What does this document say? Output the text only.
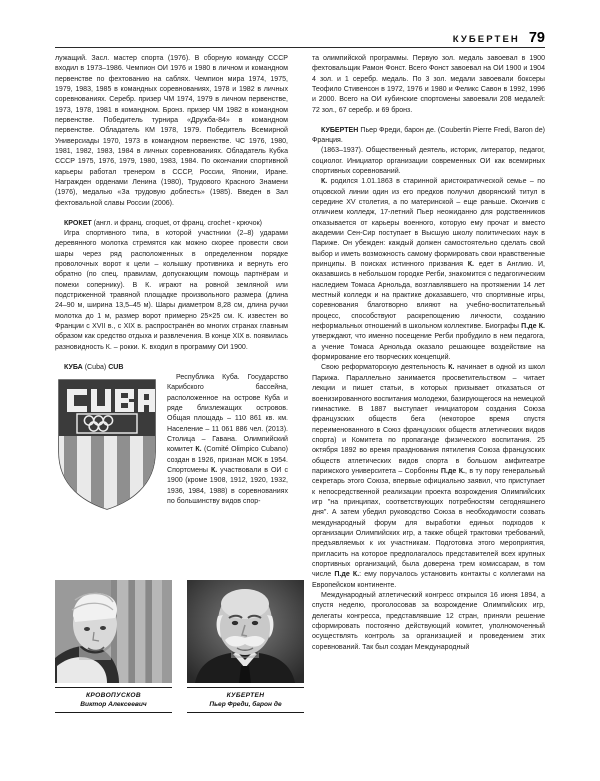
КУБЕРТЕН 79

лужащий. Засл. мастер спорта (1976). В сборную команду СССР входил в 1973–1986. Чемпион ОИ 1976 и 1980 в личном и командном первенстве по фехтованию на саблях. Чемпион мира 1974, 1975, 1979, 1983, 1985 в командных соревнованиях, 1978 и 1982 в личных соревнованиях. Серебр. призер ЧМ 1974, 1979 в личном первенстве, 1973, 1978, 1981 в командном. Бронз. призер ЧМ 1982 в командном первенстве. Победитель турнира «Дружба-84» в командном первенстве. Обладатель КМ 1978, 1979. Победитель Всемирной Универсиады 1970, 1973 в командном первенстве. ЧС 1976, 1980, 1981, 1982, 1983, 1984 в личных соревнованиях. Обладатель Кубка СССР 1975, 1976, 1979, 1980, 1983, 1984. По окончании спортивной карьеры работал тренером в СССР, России, Японии, Иране. Награжден орденами Ленина (1980), Трудового Красного Знамени (1976), медалью «За трудовую доблесть» (1985). Введен в Зал фехтовальной славы России (2006).

КРОКЕТ (англ. и франц. croquet, от франц. crochet - крючок)

Игра спортивного типа, в которой участники (2–8) ударами деревянного молотка стремятся как можно скорее провести свои шары через ряд расположенных в определенном порядке проволочных ворот к цели – колышку противника и вернуть его обратно (по спец. правилам, допускающим помощь партнёрам и помехи сопернику). В К. играют на ровной земляной или подстриженной травяной площадке произвольного размера (длина 24–90 м, ширина 13,5–45 м). Шары диаметром 8,28 см, длина ручки молотка до 1 м, размер ворот примерно 25×25 см. К. известен во Франции с XVII в., с XIX в. распространён во многих странах главным образом как средство отдыха и развлечения. В конце XIX в. появилась разновидность К. – рокки. К. входил в программу ОИ 1900.

КУБА (Cuba) CUB

Республика Куба. Государство Карибского бассейна, расположенное на острове Куба и ряде близлежащих островов. Общая площадь – 110 861 кв. км. Население – 11 061 886 чел. (2013). Столица – Гавана. Олимпийский комитет К. (Comité Olimpico Cubano) создан в 1926, признан МОК в 1954. Спортсмены К. участвовали в ОИ с 1900 (кроме 1908, 1912, 1920, 1932, 1936, 1984, 1988) в соревнованиях по большинству видов спор-

та олимпийской программы. Первую зол. медаль завоевал в 1900 фехтовальщик Рамон Фонст. Всего Фонст завоевал на ОИ 1900 и 1904 4 зол. и 1 серебр. медаль. По 3 зол. медали завоевали боксеры Теофило Стивенсон в 1972, 1976 и 1980 и Феликс Савон в 1992, 1996 и 2000. Всего на ОИ кубинские спортсмены завоевали 208 медалей: 72 зол., 67 серебр. и 69 бронз.

КУБЕРТЕН Пьер Фреди, барон де. (Coubertin Pierre Fredi, Baron de) Франция.

(1863–1937). Общественный деятель, историк, литератор, педагог, социолог. Инициатор организации современных ОИ как всемирных спортивных соревнований.

К. родился 1.01.1863 в старинной аристократической семье – по отцовской линии один из его предков получил дворянский титул в середине XV столетия, а по материнской – еще раньше. Окончив с отличием колледж, 17-летний Пьер неожиданно для родственников отказывается от карьеры военного, которую ему прочат и вместо академии Сен-Сир поступает в Высшую школу политических наук в Париже. Он убежден: каждый должен самостоятельно сделать свой выбор и иметь возможность самому формировать свои нравственные принципы. В поисках истинного призвания К. едет в Англию. И, оказавшись в небольшом городке Регби, знакомится с педагогическим наследием Томаса Арнольда, возглавлявшего на протяжении 14 лет местный колледж и на практике доказавшего, что спортивные игры, соревнования благотворно влияют на учебно-воспитательный процесс, способствуют раскрепощению личности, созданию неформальных отношений в школьном коллективе. Биографы П.де К. утверждают, что именно посещение Регби пробудило в нем педагога, а учение Томаса Арнольда оказало решающее воздействие на формирование его творческих концепций.

Свою реформаторскую деятельность К. начинает в одной из школ Парижа. Параллельно занимается просветительством – читает лекции и пишет статьи, в которых призывает отказаться от военизированного воспитания молодежи, базирующегося на немецкой гимнастике. В 1887 выступает инициатором создания Союза французских обществ бега (некоторое время спустя переименованного в Союз французских обществ атлетических видов спорта) и Комитета по пропаганде физического воспитания. 25 октября 1892 во время празднования пятилетия Союза французских обществ атлетических видов спорта в большом амфитеатре парижского университета – Сорбонны П.де К., в ту пору генеральный секретарь этого Союза, впервые официально заявил, что приступает к непосредственной реализации проекта возрождения Олимпийских игр "на принципах, соответствующих потребностям сегодняшнего дня". А затем убедил руководство Союза в необходимости созвать международный форум для выработки единых подходов к организации Олимпийских игр, а также общей трактовки требований, предъявляемых к их участникам. Подготовка этого мероприятия, пригласить на которое предполагалось представителей всех крупных спортивных организаций, была доверена трем комиссарам, в том числе П.де К.: ему поручалось установить контакты с коллегами на Европейском континенте.

Международный атлетический конгресс открылся 16 июня 1894, а спустя неделю, проголосовав за возрождение Олимпийских игр, делегаты конгресса, представлявшие 12 стран, приняли решение сформировать постоянно действующий комитет, уполномоченный осуществлять контроль за организацией и проведением этих соревнований. Так был создан Международный

КРОВОПУСКОВ
Виктор Алексеевич
КУБЕРТЕН
Пьер Фреди, барон де
